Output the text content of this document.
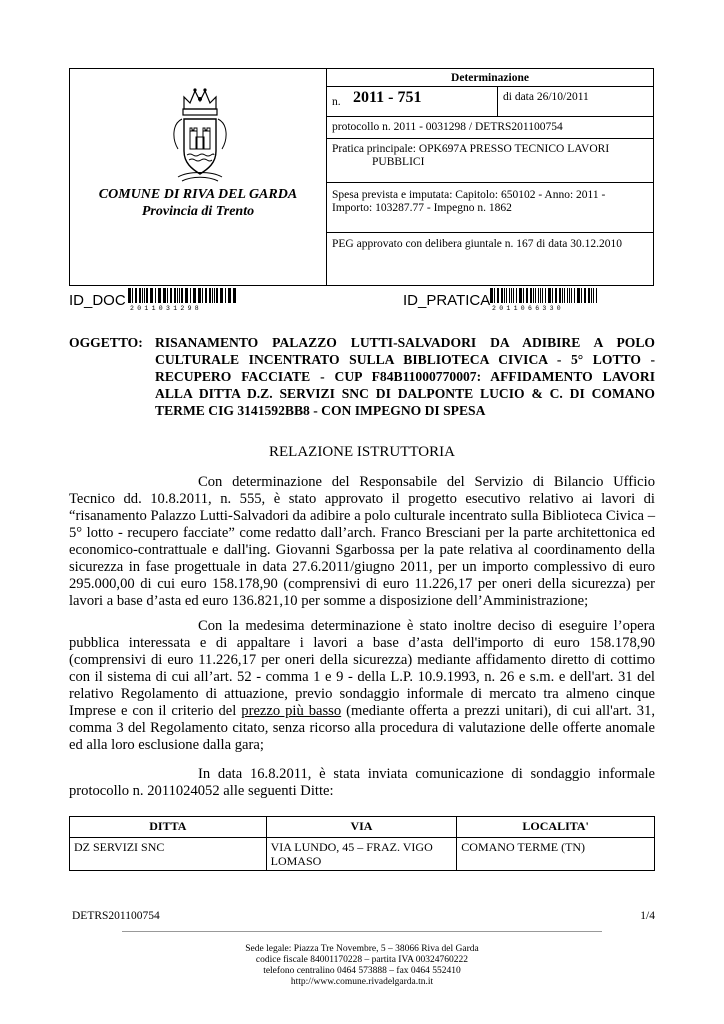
COMUNE DI RIVA DEL GARDA
Provincia di Trento
Determinazione
n. 2011 - 751	di data 26/10/2011
protocollo n. 2011 - 0031298 / DETRS201100754
Pratica principale: OPK697A PRESSO TECNICO LAVORI
PUBBLICI
Spesa prevista e imputata: Capitolo: 650102 - Anno: 2011 - Importo: 103287.77 - Impegno n. 1862
PEG approvato con delibera giuntale n. 167 di data 30.12.2010
ID_DOC 2011031298	ID_PRATICA 2011066330
OGGETTO: RISANAMENTO PALAZZO LUTTI-SALVADORI DA ADIBIRE A POLO CULTURALE INCENTRATO SULLA BIBLIOTECA CIVICA - 5° LOTTO - RECUPERO FACCIATE - CUP F84B11000770007: AFFIDAMENTO LAVORI ALLA DITTA D.Z. SERVIZI SNC DI DALPONTE LUCIO & C. DI COMANO TERME CIG 3141592BB8 - CON IMPEGNO DI SPESA
RELAZIONE ISTRUTTORIA
Con determinazione del Responsabile del Servizio di Bilancio Ufficio Tecnico dd. 10.8.2011, n. 555, è stato approvato il progetto esecutivo relativo ai lavori di “risanamento Palazzo Lutti-Salvadori da adibire a polo culturale incentrato sulla Biblioteca Civica – 5° lotto - recupero facciate” come redatto dall’arch. Franco Bresciani per la parte architettonica ed economico-contrattuale e dall'ing. Giovanni Sgarbossa per la pate relativa al coordinamento della sicurezza in fase progettuale in data 27.6.2011/giugno 2011, per un importo complessivo di euro 295.000,00 di cui euro 158.178,90 (comprensivi di euro 11.226,17 per oneri della sicurezza) per lavori a base d’asta ed euro 136.821,10 per somme a disposizione dell’Amministrazione;
Con la medesima determinazione è stato inoltre deciso di eseguire l’opera pubblica interessata e di appaltare i lavori a base d’asta dell'importo di euro 158.178,90 (comprensivi di euro 11.226,17 per oneri della sicurezza) mediante affidamento diretto di cottimo con il sistema di cui all’art. 52 - comma 1 e 9 - della L.P. 10.9.1993, n. 26 e s.m. e dell'art. 31 del relativo Regolamento di attuazione, previo sondaggio informale di mercato tra almeno cinque Imprese e con il criterio del prezzo più basso (mediante offerta a prezzi unitari), di cui all'art. 31, comma 3 del Regolamento citato, senza ricorso alla procedura di valutazione delle offerte anomale ed alla loro esclusione dalla gara;
In data 16.8.2011, è stata inviata comunicazione di sondaggio informale protocollo n. 2011024052 alle seguenti Ditte:
DITTA	VIA	LOCALITA'
DZ SERVIZI SNC	VIA LUNDO, 45 – FRAZ. VIGO LOMASO	COMANO TERME (TN)
DETRS201100754	1/4
Sede legale: Piazza Tre Novembre, 5 – 38066 Riva del Garda
codice fiscale 84001170228 – partita IVA 00324760222
telefono centralino 0464 573888 – fax 0464 552410
http://www.comune.rivadelgarda.tn.it
